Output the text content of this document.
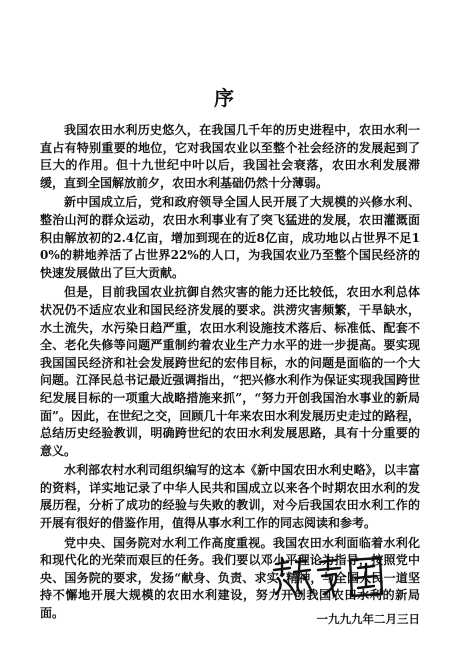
序

我国农田水利历史悠久，在我国几千年的历史进程中，农田水利一直占有特别重要的地位，它对我国农业以至整个社会经济的发展起到了巨大的作用。但十九世纪中叶以后，我国社会衰落，农田水利发展滞缓，直到全国解放前夕，农田水利基础仍然十分薄弱。

新中国成立后，党和政府领导全国人民开展了大规模的兴修水利、整治山河的群众运动，农田水利事业有了突飞猛进的发展，农田灌溉面积由解放初的2.4亿亩，增加到现在的近8亿亩，成功地以占世界不足10%的耕地养活了占世界22%的人口，为我国农业乃至整个国民经济的快速发展做出了巨大贡献。

但是，目前我国农业抗御自然灾害的能力还比较低，农田水利总体状况仍不适应农业和国民经济发展的要求。洪涝灾害频繁，干旱缺水，水土流失，水污染日趋严重，农田水利设施技术落后、标准低、配套不全、老化失修等问题严重制约着农业生产力水平的进一步提高。要实现我国国民经济和社会发展跨世纪的宏伟目标，水的问题是面临的一个大问题。江泽民总书记最近强调指出，“把兴修水利作为保证实现我国跨世纪发展目标的一项重大战略措施来抓”，“努力开创我国治水事业的新局面”。因此，在世纪之交，回顾几十年来农田水利发展历史走过的路程，总结历史经验教训，明确跨世纪的农田水利发展思路，具有十分重要的意义。

水利部农村水利司组织编写的这本《新中国农田水利史略》，以丰富的资料，详实地记录了中华人民共和国成立以来各个时期农田水利的发展历程，分析了成功的经验与失败的教训，对今后我国农田水利工作的开展有很好的借鉴作用，值得从事水利工作的同志阅读和参考。

党中央、国务院对水利工作高度重视。我国农田水利面临着水利化和现代化的光荣而艰巨的任务。我们要以邓小平理论为指导，按照党中央、国务院的要求，发扬“献身、负责、求实”精神，与全国人民一道坚持不懈地开展大规模的农田水利建设，努力开创我国农田水利的新局面。	一九九九年二月三日
